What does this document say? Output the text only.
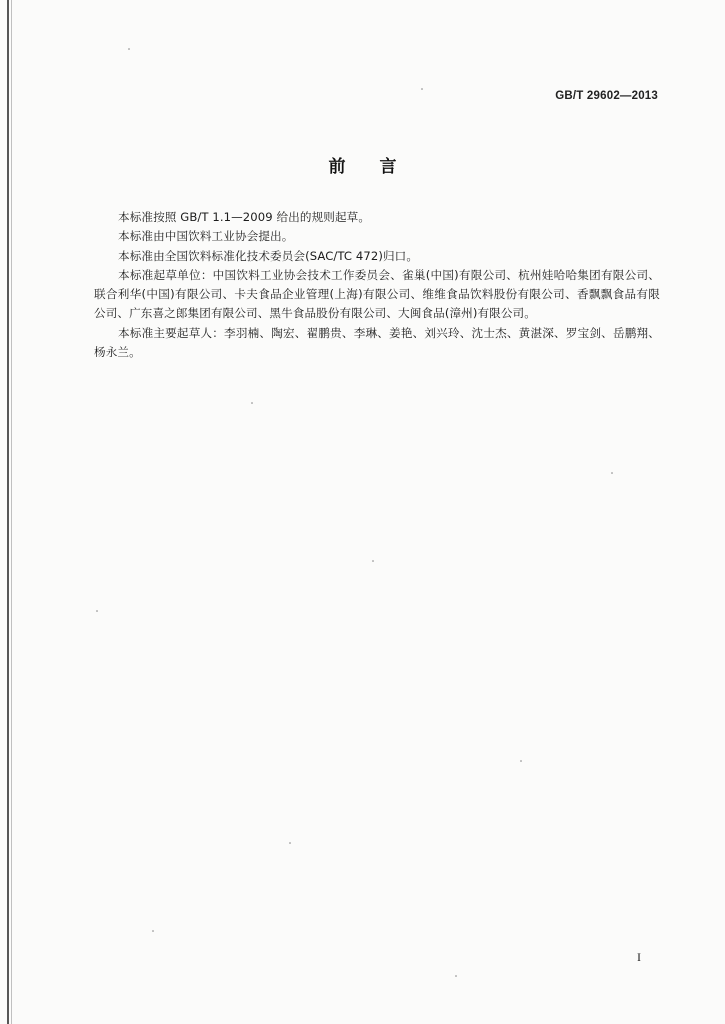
GB/T 29602—2013
前言

本标准按照 GB/T 1.1—2009 给出的规则起草。

本标准由中国饮料工业协会提出。

本标准由全国饮料标准化技术委员会(SAC/TC 472)归口。

本标准起草单位：中国饮料工业协会技术工作委员会、雀巢(中国)有限公司、杭州娃哈哈集团有限公司、联合利华(中国)有限公司、卡夫食品企业管理(上海)有限公司、维维食品饮料股份有限公司、香飘飘食品有限公司、广东喜之郎集团有限公司、黑牛食品股份有限公司、大闽食品(漳州)有限公司。

本标准主要起草人：李羽楠、陶宏、翟鹏贵、李琳、姜艳、刘兴玲、沈士杰、黄湛深、罗宝剑、岳鹏翔、杨永兰。

I
